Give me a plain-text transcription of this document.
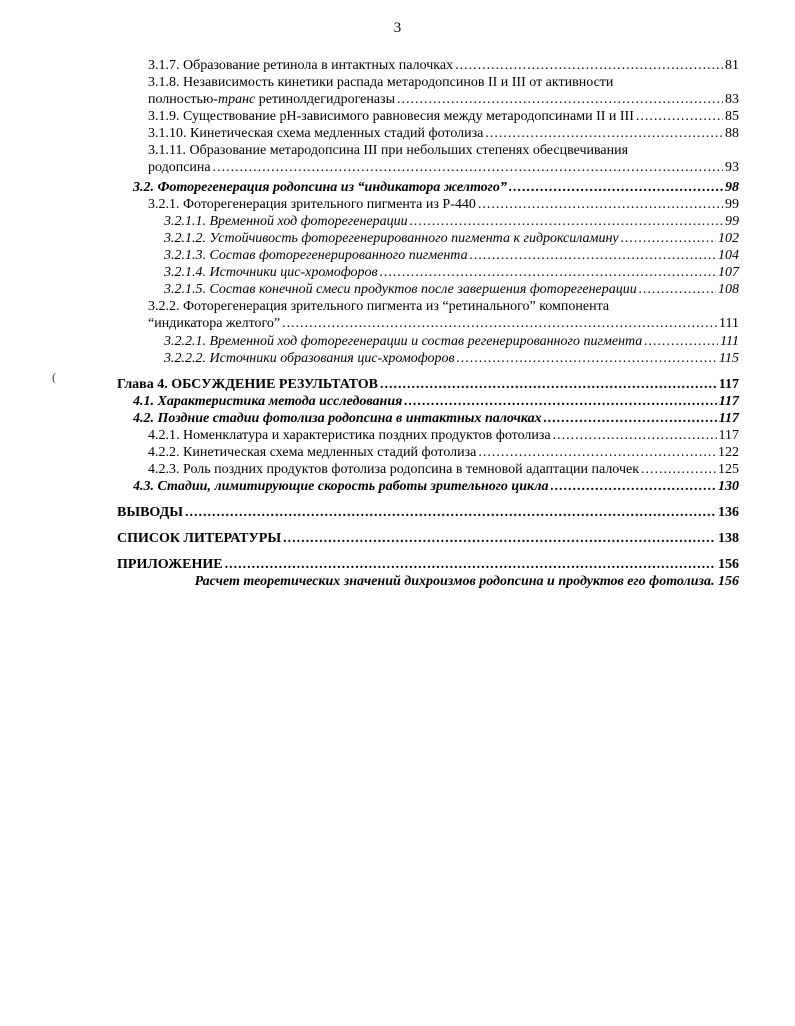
3
3.1.7. Образование ретинола в интактных палочках .....	81
3.1.8. Независимость кинетики распада метародопсинов II и III от активности
полностью-транс ретинолдегидрогеназы .....	83
3.1.9. Существование pH-зависимого равновесия между метародопсинами II и III .....	85
3.1.10. Кинетическая схема медленных стадий фотолиза .....	88
3.1.11. Образование метародопсина III при небольших степенях обесцвечивания
родопсина .....	93
3.2. Фоторегенерация родопсина из “индикатора желтого” .....	98
3.2.1. Фоторегенерация зрительного пигмента из P-440 .....	99
3.2.1.1. Временной ход фоторегенерации .....	99
3.2.1.2. Устойчивость фоторегенерированного пигмента к гидроксиламину .....	102
3.2.1.3. Состав фоторегенерированного пигмента .....	104
3.2.1.4. Источники цис-хромофоров .....	107
3.2.1.5. Состав конечной смеси продуктов после завершения фоторегенерации .....	108
3.2.2. Фоторегенерация зрительного пигмента из “ретинального” компонента
“индикатора желтого” .....	111
3.2.2.1. Временной ход фоторегенерации и состав регенерированного пигмента .....	111
3.2.2.2. Источники образования цис-хромофоров .....	115
Глава 4. ОБСУЖДЕНИЕ РЕЗУЛЬТАТОВ .....	117
4.1. Характеристика метода исследования .....	117
4.2. Поздние стадии фотолиза родопсина в интактных палочках .....	117
4.2.1. Номенклатура и характеристика поздних продуктов фотолиза .....	117
4.2.2. Кинетическая схема медленных стадий фотолиза .....	122
4.2.3. Роль поздних продуктов фотолиза родопсина в темновой адаптации палочек .....	125
4.3. Стадии, лимитирующие скорость работы зрительного цикла .....	130
ВЫВОДЫ .....	136
СПИСОК ЛИТЕРАТУРЫ .....	138
ПРИЛОЖЕНИЕ .....	156
Расчет теоретических значений дихроизмов родопсина и продуктов его фотолиза. 156
(
